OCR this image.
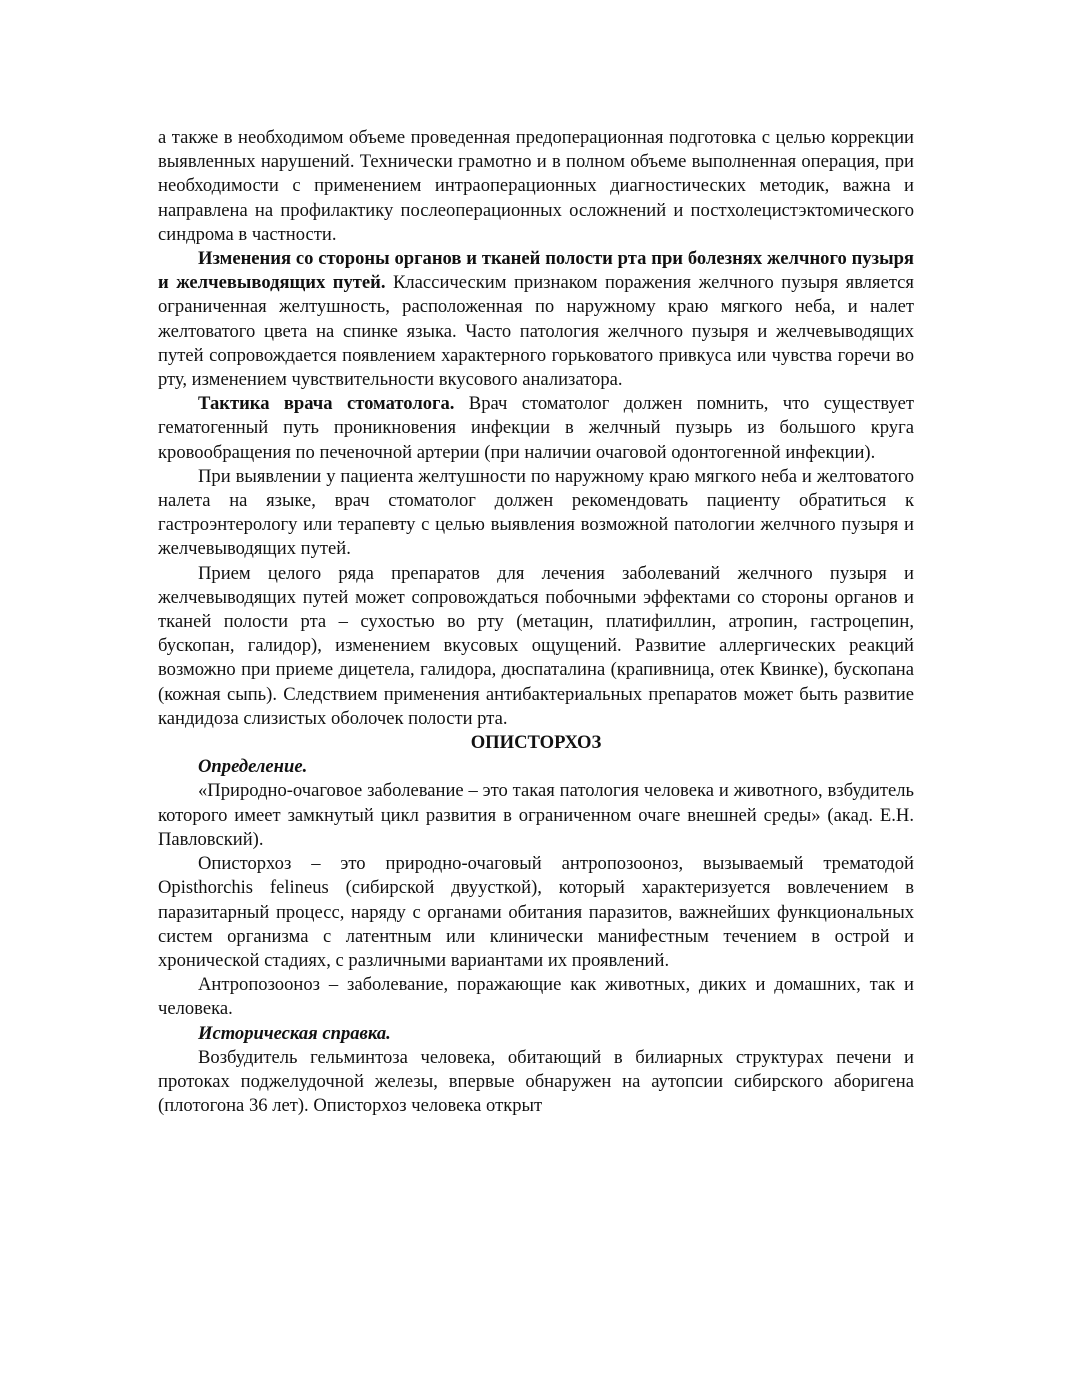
а также в необходимом объеме проведенная предоперационная подготовка с целью коррекции выявленных нарушений. Технически грамотно и в полном объеме выполненная операция, при необходимости с применением интраоперационных диагностических методик, важна и направлена на профилактику послеоперационных осложнений и постхолецистэктомического синдрома в частности.

Изменения со стороны органов и тканей полости рта при болезнях желчного пузыря и желчевыводящих путей. Классическим признаком поражения желчного пузыря является ограниченная желтушность, расположенная по наружному краю мягкого неба, и налет желтоватого цвета на спинке языка. Часто патология желчного пузыря и желчевыводящих путей сопровождается появлением характерного горьковатого привкуса или чувства горечи во рту, изменением чувствительности вкусового анализатора.

Тактика врача стоматолога. Врач стоматолог должен помнить, что существует гематогенный путь проникновения инфекции в желчный пузырь из большого круга кровообращения по печеночной артерии (при наличии очаговой одонтогенной инфекции).

При выявлении у пациента желтушности по наружному краю мягкого неба и желтоватого налета на языке, врач стоматолог должен рекомендовать пациенту обратиться к гастроэнтерологу или терапевту с целью выявления возможной патологии желчного пузыря и желчевыводящих путей.

Прием целого ряда препаратов для лечения заболеваний желчного пузыря и желчевыводящих путей может сопровождаться побочными эффектами со стороны органов и тканей полости рта – сухостью во рту (метацин, платифиллин, атропин, гастроцепин, бускопан, галидор), изменением вкусовых ощущений. Развитие аллергических реакций возможно при приеме дицетела, галидора, дюспаталина (крапивница, отек Квинке), бускопана (кожная сыпь). Следствием применения антибактериальных препаратов может быть развитие кандидоза слизистых оболочек полости рта.

ОПИСТОРХОЗ

Определение.

«Природно-очаговое заболевание – это такая патология человека и животного, взбудитель которого имеет замкнутый цикл развития в ограниченном очаге внешней среды» (акад. Е.Н. Павловский).

Описторхоз – это природно-очаговый антропозооноз, вызываемый трематодой Opisthorchis felineus (сибирской двуусткой), который характеризуется вовлечением в паразитарный процесс, наряду с органами обитания паразитов, важнейших функциональных систем организма с латентным или клинически манифестным течением в острой и хронической стадиях, с различными вариантами их проявлений.

Антропозооноз – заболевание, поражающие как животных, диких и домашних, так и человека.

Историческая справка.

Возбудитель гельминтоза человека, обитающий в билиарных структурах печени и протоках поджелудочной железы, впервые обнаружен на аутопсии сибирского аборигена (плотогона 36 лет). Описторхоз человека открыт
